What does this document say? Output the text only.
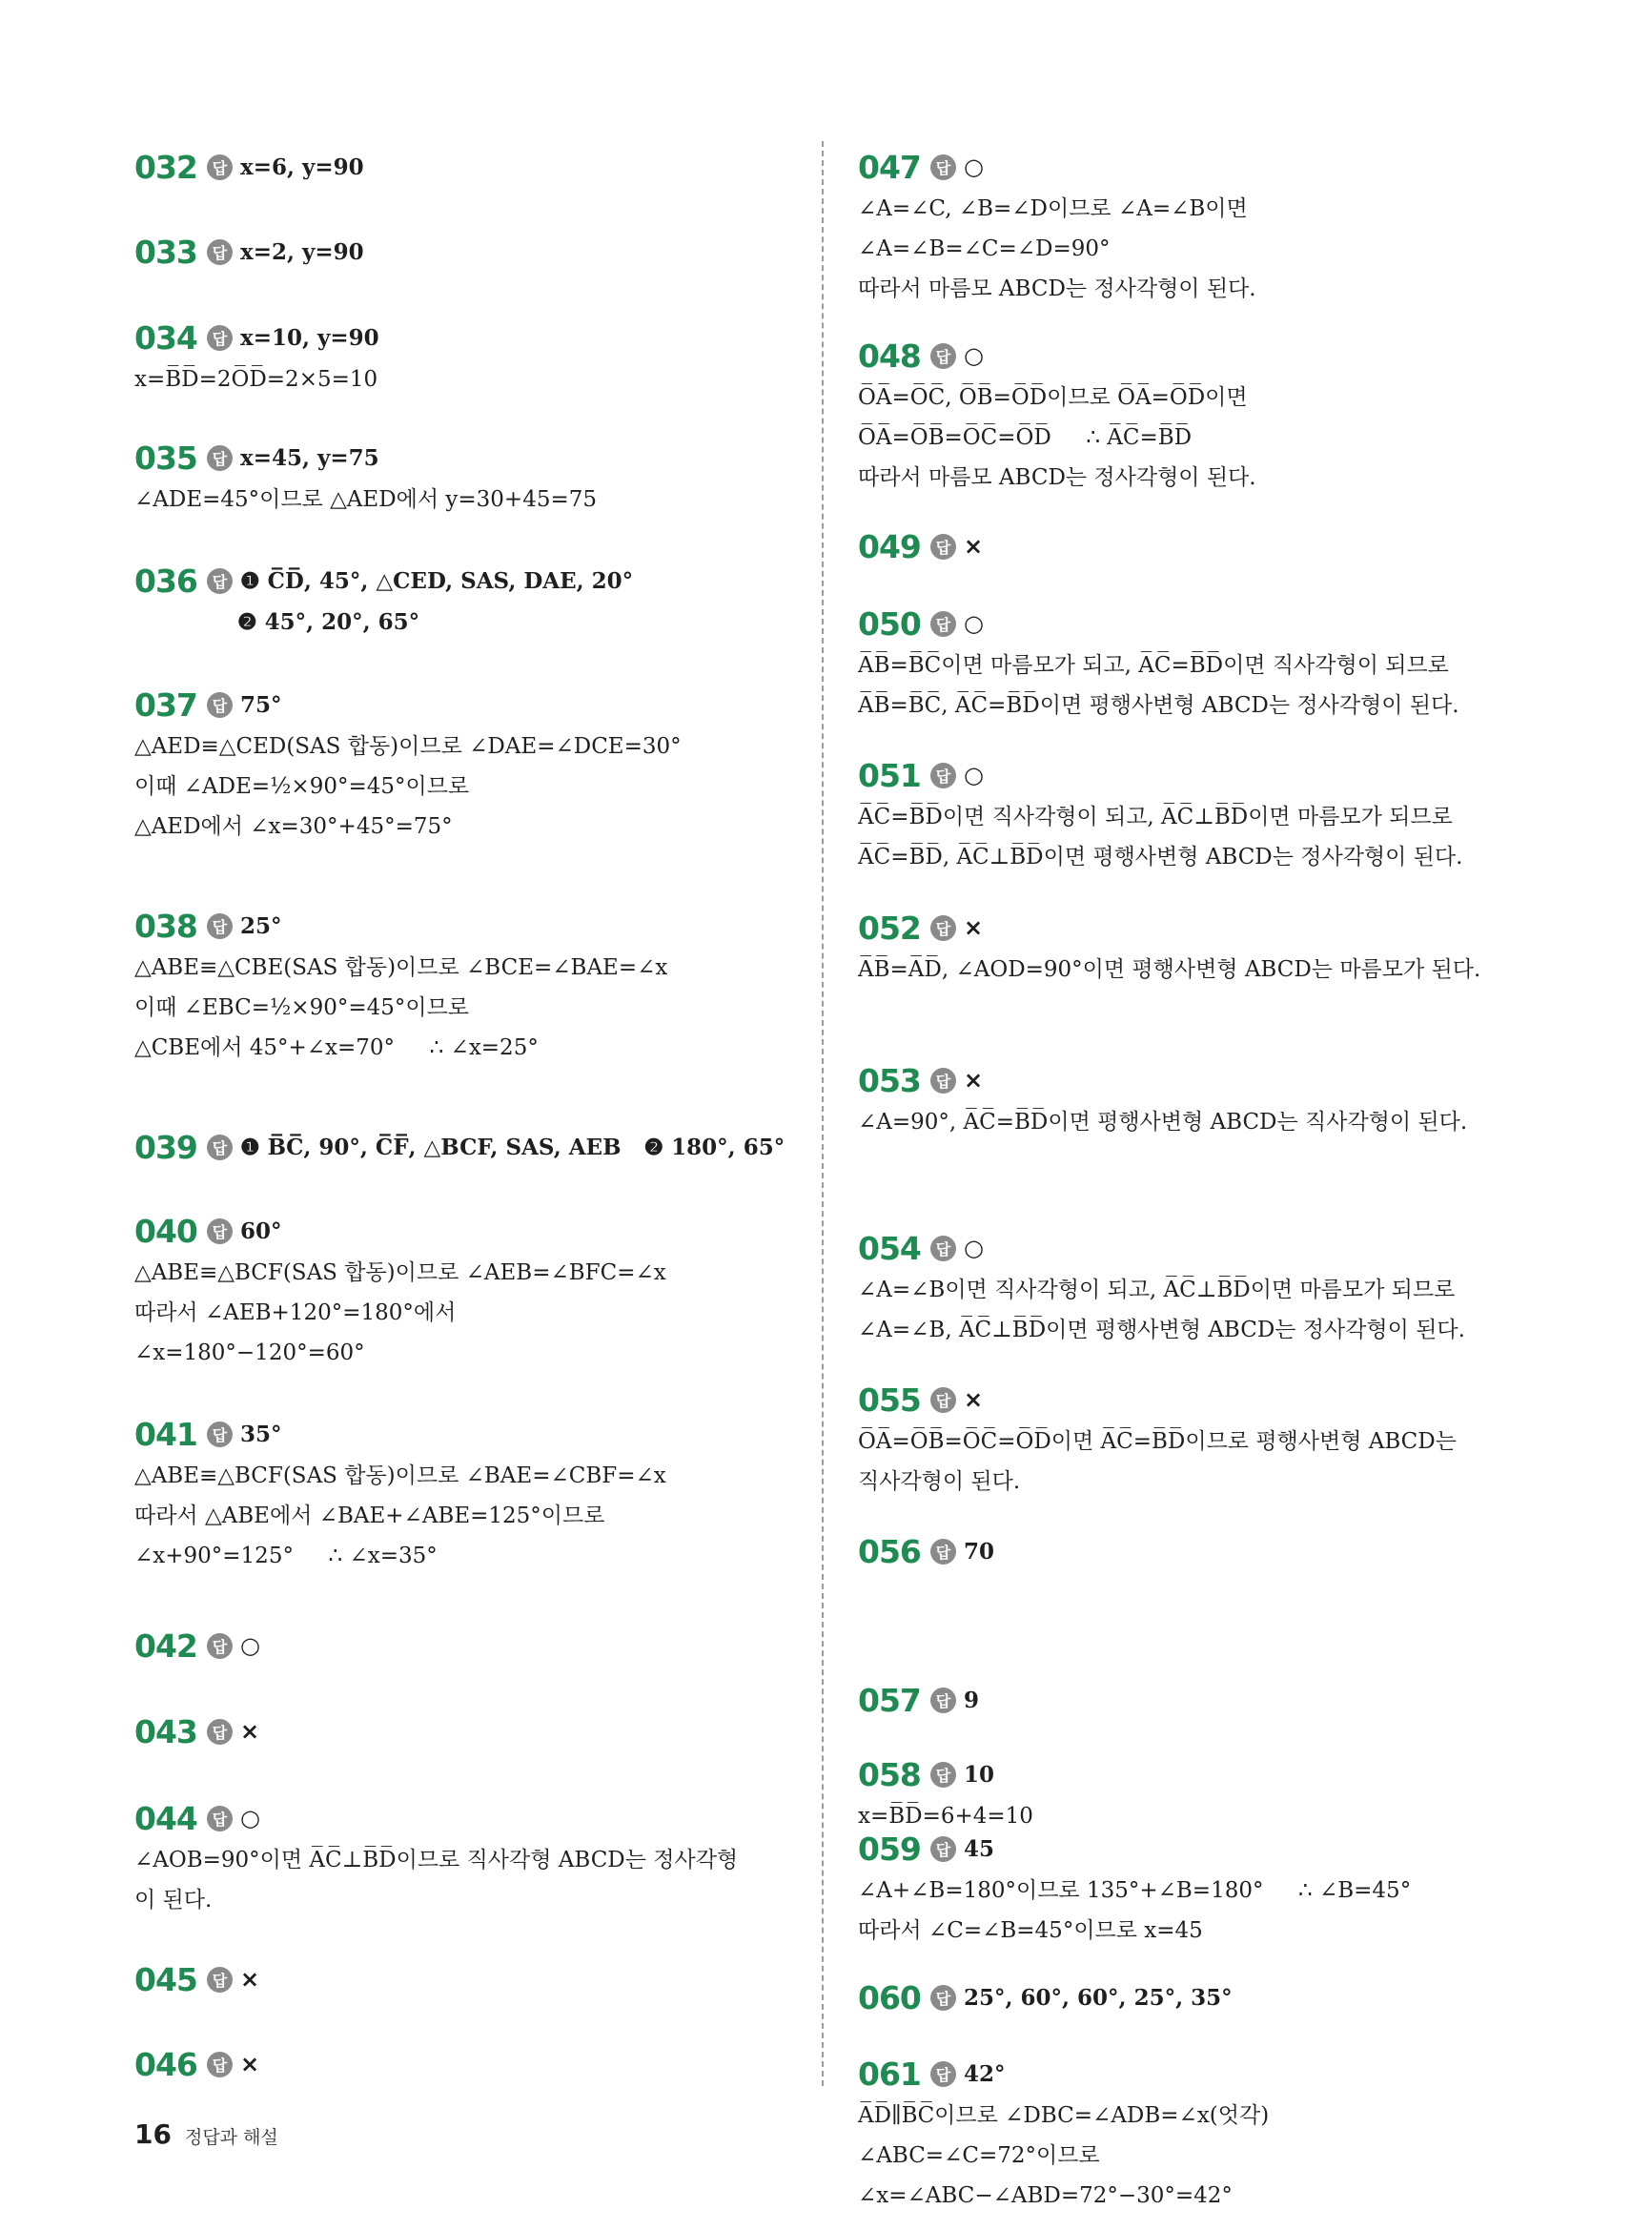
032 답 x=6, y=90
033 답 x=2, y=90
034 답 x=10, y=90
x=B̅D̅=2O̅D̅=2×5=10
035 답 x=45, y=75
∠ADE=45°이므로 △AED에서 y=30+45=75
036 답 ❶ C̅D̅, 45°, △CED, SAS, DAE, 20°
❷ 45°, 20°, 65°
037 답 75°
△AED≡△CED(SAS 합동)이므로 ∠DAE=∠DCE=30°
이때 ∠ADE=½×90°=45°이므로
△AED에서 ∠x=30°+45°=75°
038 답 25°
△ABE≡△CBE(SAS 합동)이므로 ∠BCE=∠BAE=∠x
이때 ∠EBC=½×90°=45°이므로
△CBE에서 45°+∠x=70°     ∴ ∠x=25°
039 답 ❶ B̅C̅, 90°, C̅F̅, △BCF, SAS, AEB   ❷ 180°, 65°
040 답 60°
△ABE≡△BCF(SAS 합동)이므로 ∠AEB=∠BFC=∠x
따라서 ∠AEB+120°=180°에서
∠x=180°−120°=60°
041 답 35°
△ABE≡△BCF(SAS 합동)이므로 ∠BAE=∠CBF=∠x
따라서 △ABE에서 ∠BAE+∠ABE=125°이므로
∠x+90°=125°     ∴ ∠x=35°
042 답 ○
043 답 ×
044 답 ○
∠AOB=90°이면 A̅C̅⊥B̅D̅이므로 직사각형 ABCD는 정사각형
이 된다.
045 답 ×
046 답 ×
047 답 ○
∠A=∠C, ∠B=∠D이므로 ∠A=∠B이면
∠A=∠B=∠C=∠D=90°
따라서 마름모 ABCD는 정사각형이 된다.
048 답 ○
O̅A̅=O̅C̅, O̅B̅=O̅D̅이므로 O̅A̅=O̅D̅이면
O̅A̅=O̅B̅=O̅C̅=O̅D̅     ∴ A̅C̅=B̅D̅
따라서 마름모 ABCD는 정사각형이 된다.
049 답 ×
050 답 ○
A̅B̅=B̅C̅이면 마름모가 되고, A̅C̅=B̅D̅이면 직사각형이 되므로
A̅B̅=B̅C̅, A̅C̅=B̅D̅이면 평행사변형 ABCD는 정사각형이 된다.
051 답 ○
A̅C̅=B̅D̅이면 직사각형이 되고, A̅C̅⊥B̅D̅이면 마름모가 되므로
A̅C̅=B̅D̅, A̅C̅⊥B̅D̅이면 평행사변형 ABCD는 정사각형이 된다.
052 답 ×
A̅B̅=A̅D̅, ∠AOD=90°이면 평행사변형 ABCD는 마름모가 된다.
053 답 ×
∠A=90°, A̅C̅=B̅D̅이면 평행사변형 ABCD는 직사각형이 된다.
054 답 ○
∠A=∠B이면 직사각형이 되고, A̅C̅⊥B̅D̅이면 마름모가 되므로
∠A=∠B, A̅C̅⊥B̅D̅이면 평행사변형 ABCD는 정사각형이 된다.
055 답 ×
O̅A̅=O̅B̅=O̅C̅=O̅D̅이면 A̅C̅=B̅D̅이므로 평행사변형 ABCD는
직사각형이 된다.
056 답 70
057 답 9
058 답 10
x=B̅D̅=6+4=10
059 답 45
∠A+∠B=180°이므로 135°+∠B=180°     ∴ ∠B=45°
따라서 ∠C=∠B=45°이므로 x=45
060 답 25°, 60°, 60°, 25°, 35°
061 답 42°
A̅D̅∥B̅C̅이므로 ∠DBC=∠ADB=∠x(엇각)
∠ABC=∠C=72°이므로
∠x=∠ABC−∠ABD=72°−30°=42°
16 정답과 해설
